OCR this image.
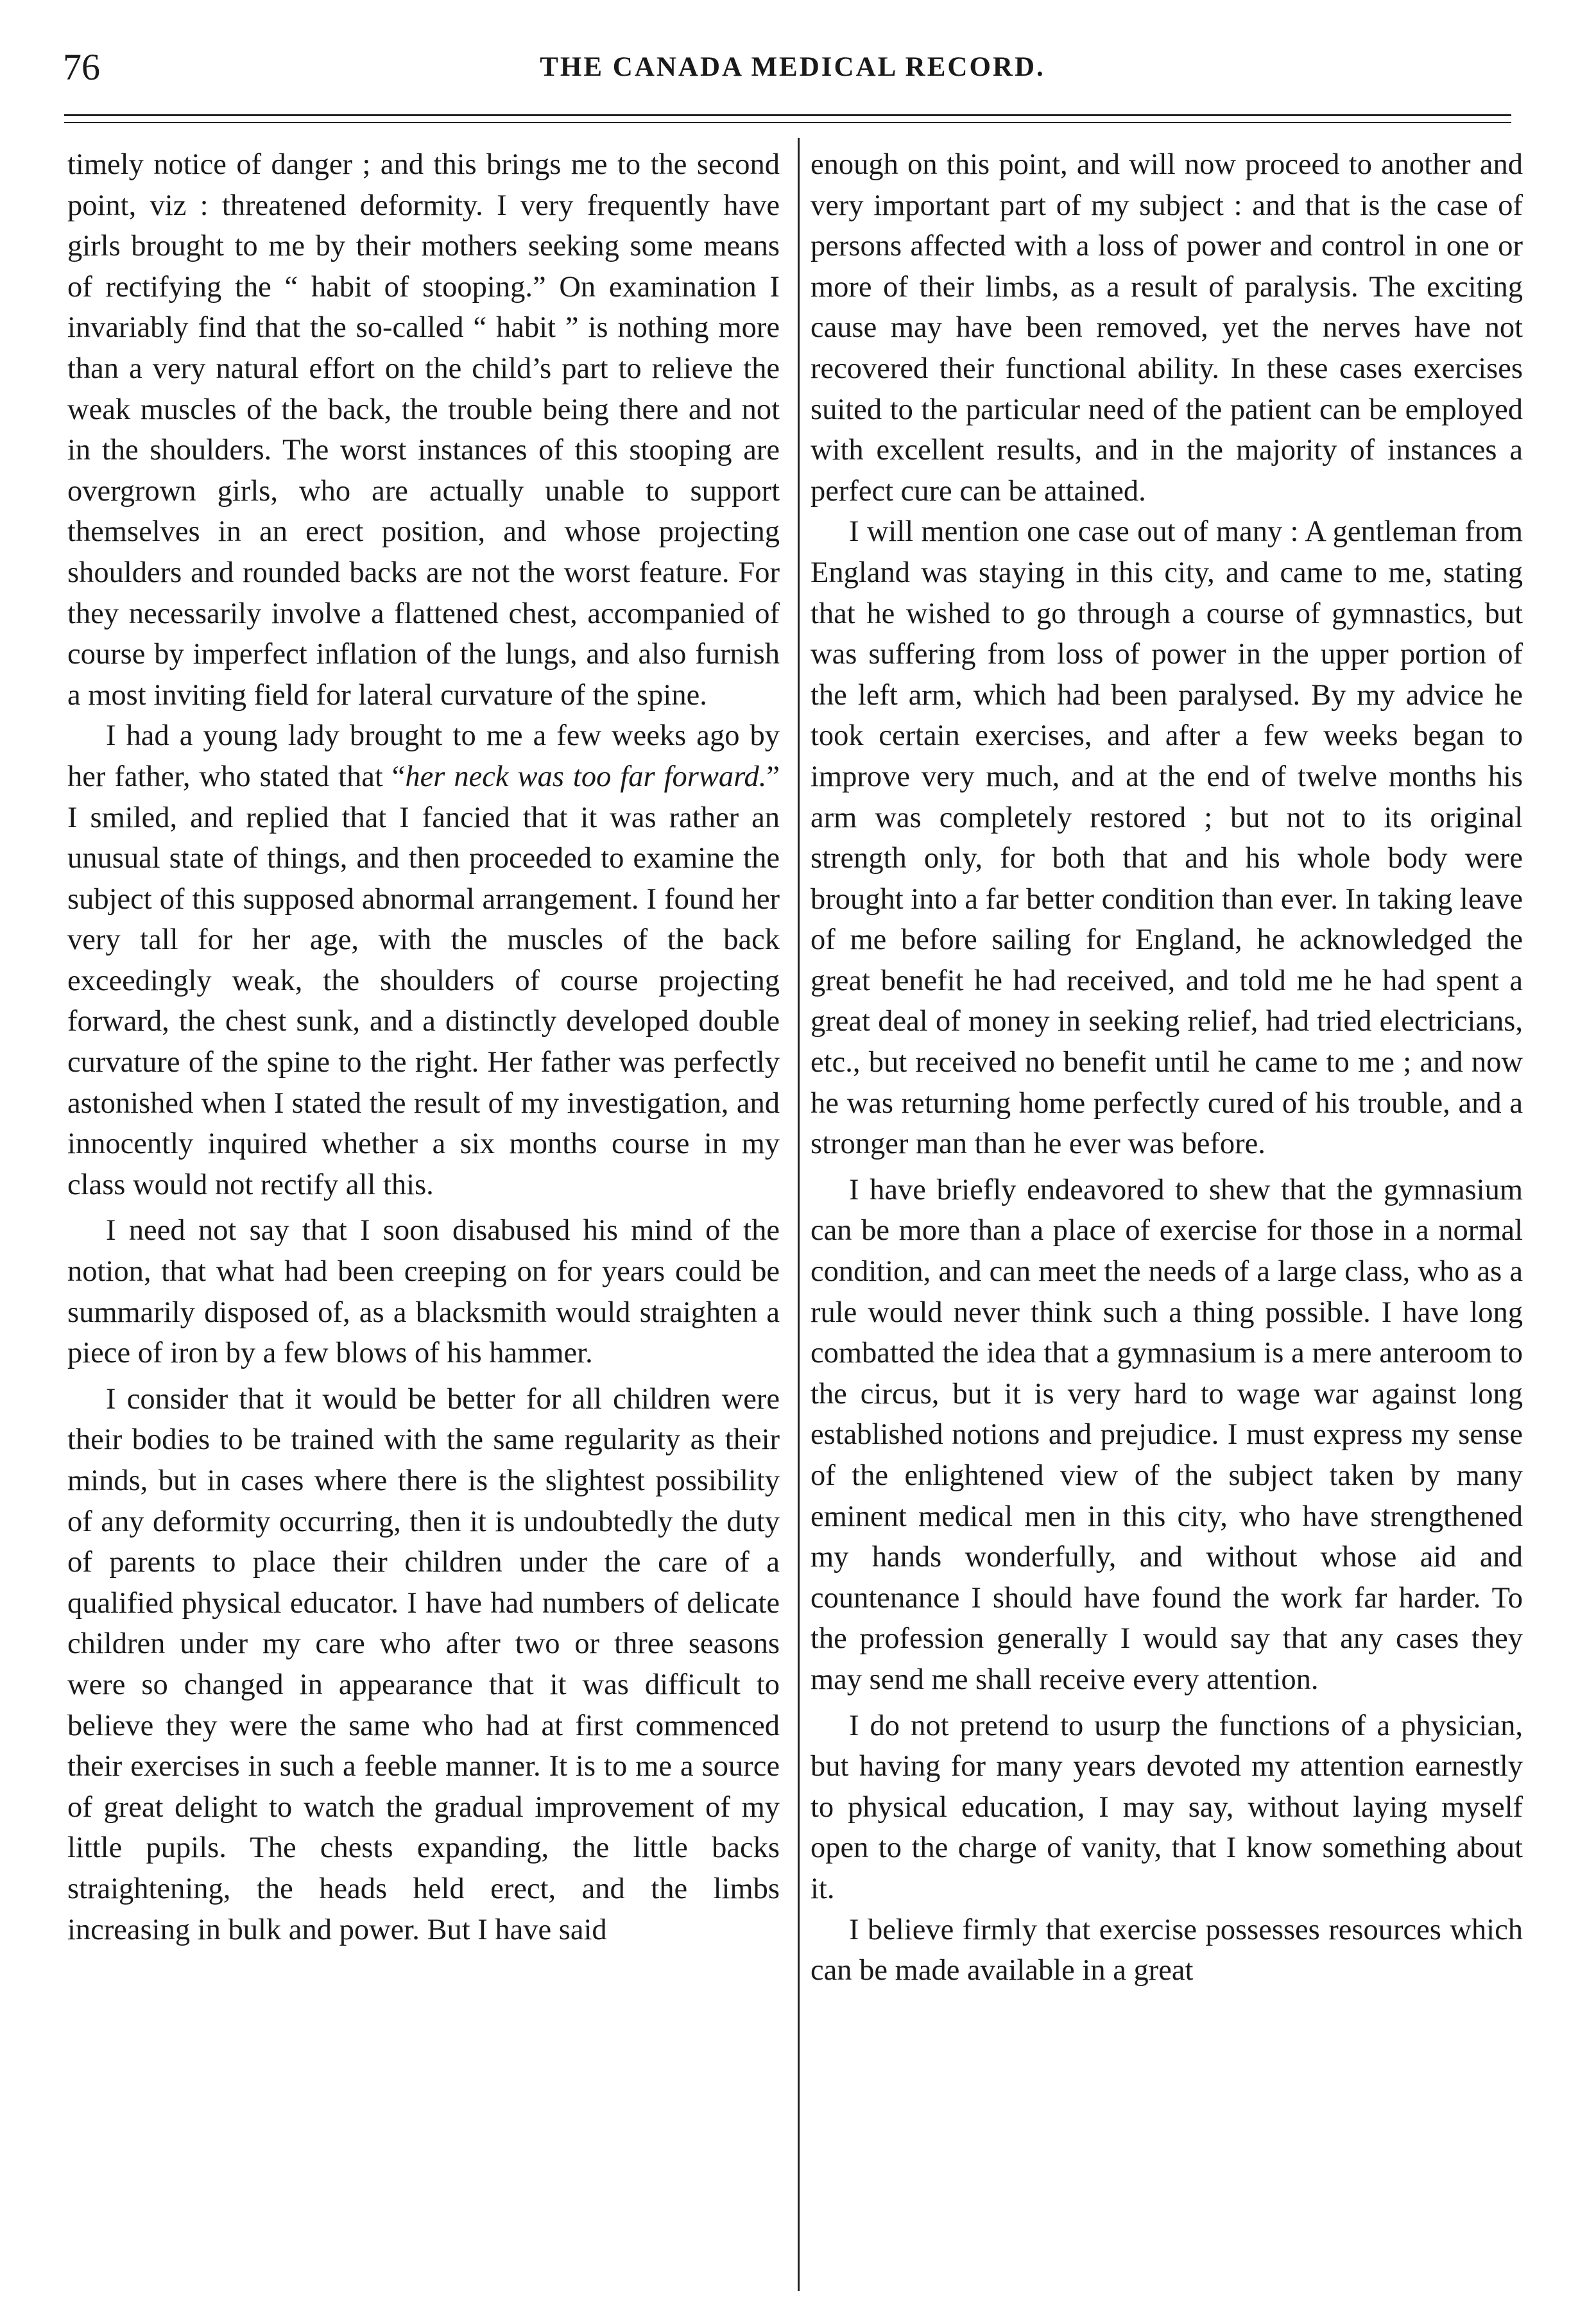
76	THE CANADA MEDICAL RECORD.

timely notice of danger ; and this brings me to the second point, viz : threatened deformity. I very frequently have girls brought to me by their mothers seeking some means of rectifying the “ habit of stooping.” On examination I invariably find that the so-called “ habit ” is nothing more than a very natural effort on the child’s part to relieve the weak muscles of the back, the trouble being there and not in the shoulders. The worst instances of this stooping are overgrown girls, who are actually unable to support themselves in an erect position, and whose projecting shoulders and rounded backs are not the worst feature. For they necessarily involve a flattened chest, accompanied of course by imperfect inflation of the lungs, and also furnish a most inviting field for lateral curvature of the spine.

I had a young lady brought to me a few weeks ago by her father, who stated that “her neck was too far forward.” I smiled, and replied that I fancied that it was rather an unusual state of things, and then proceeded to examine the subject of this supposed abnormal arrangement. I found her very tall for her age, with the muscles of the back exceedingly weak, the shoulders of course projecting forward, the chest sunk, and a distinctly developed double curvature of the spine to the right. Her father was perfectly astonished when I stated the result of my investigation, and innocently inquired whether a six months course in my class would not rectify all this.

I need not say that I soon disabused his mind of the notion, that what had been creeping on for years could be summarily disposed of, as a blacksmith would straighten a piece of iron by a few blows of his hammer.

I consider that it would be better for all children were their bodies to be trained with the same regularity as their minds, but in cases where there is the slightest possibility of any deformity occurring, then it is undoubtedly the duty of parents to place their children under the care of a qualified physical educator. I have had numbers of delicate children under my care who after two or three seasons were so changed in appearance that it was difficult to believe they were the same who had at first commenced their exercises in such a feeble manner. It is to me a source of great delight to watch the gradual improvement of my little pupils. The chests expanding, the little backs straightening, the heads held erect, and the limbs increasing in bulk and power. But I have said

enough on this point, and will now proceed to another and very important part of my subject : and that is the case of persons affected with a loss of power and control in one or more of their limbs, as a result of paralysis. The exciting cause may have been removed, yet the nerves have not recovered their functional ability. In these cases exercises suited to the particular need of the patient can be employed with excellent results, and in the majority of instances a perfect cure can be attained.

I will mention one case out of many : A gentleman from England was staying in this city, and came to me, stating that he wished to go through a course of gymnastics, but was suffering from loss of power in the upper portion of the left arm, which had been paralysed. By my advice he took certain exercises, and after a few weeks began to improve very much, and at the end of twelve months his arm was completely restored ; but not to its original strength only, for both that and his whole body were brought into a far better condition than ever. In taking leave of me before sailing for England, he acknowledged the great benefit he had received, and told me he had spent a great deal of money in seeking relief, had tried electricians, etc., but received no benefit until he came to me ; and now he was returning home perfectly cured of his trouble, and a stronger man than he ever was before.

I have briefly endeavored to shew that the gymnasium can be more than a place of exercise for those in a normal condition, and can meet the needs of a large class, who as a rule would never think such a thing possible. I have long combatted the idea that a gymnasium is a mere anteroom to the circus, but it is very hard to wage war against long established notions and prejudice. I must express my sense of the enlightened view of the subject taken by many eminent medical men in this city, who have strengthened my hands wonderfully, and without whose aid and countenance I should have found the work far harder. To the profession generally I would say that any cases they may send me shall receive every attention.

I do not pretend to usurp the functions of a physician, but having for many years devoted my attention earnestly to physical education, I may say, without laying myself open to the charge of vanity, that I know something about it.

I believe firmly that exercise possesses resources which can be made available in a great
